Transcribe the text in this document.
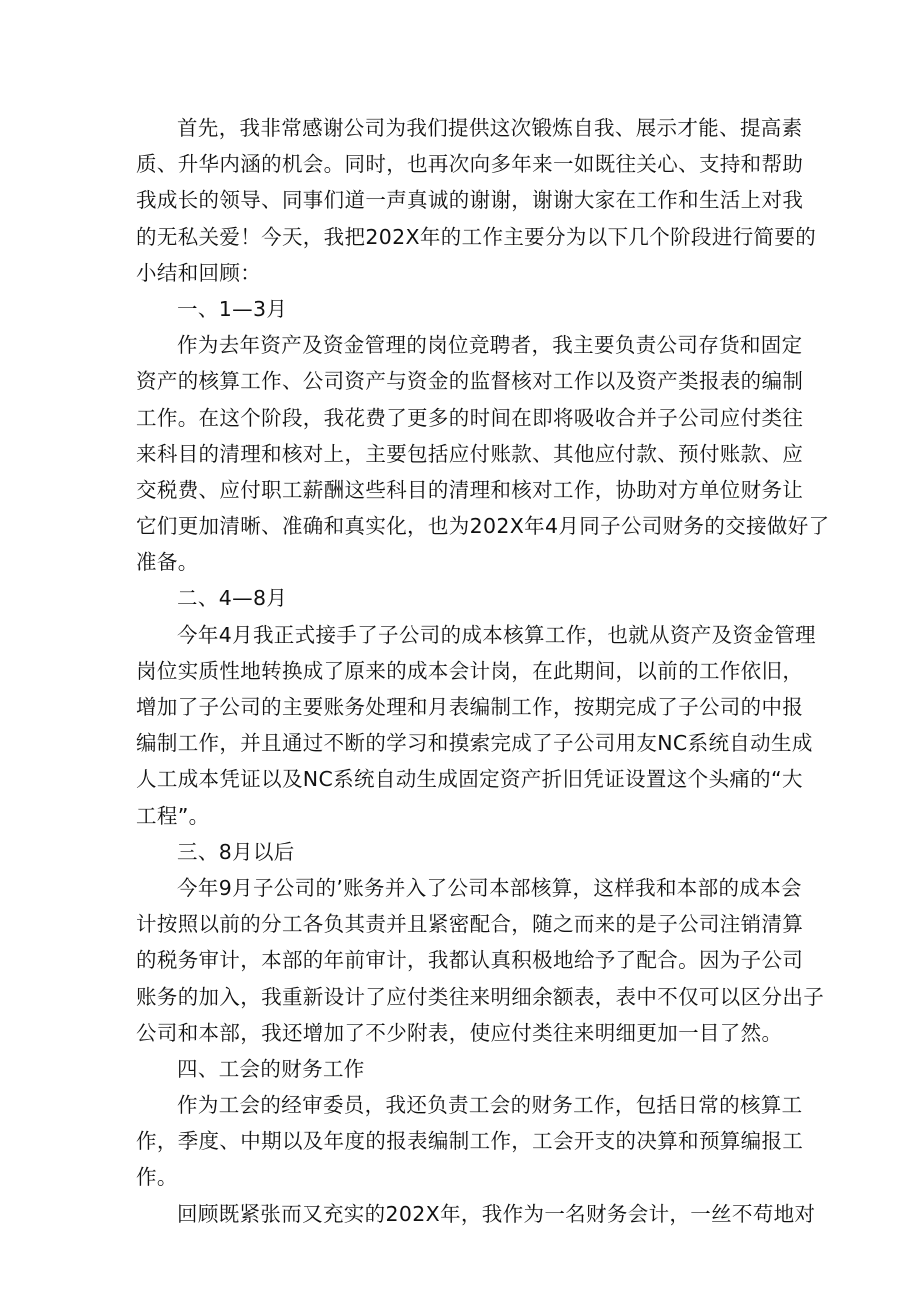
首先，我非常感谢公司为我们提供这次锻炼自我、展示才能、提高素
质、升华内涵的机会。同时，也再次向多年来一如既往关心、支持和帮助
我成长的领导、同事们道一声真诚的谢谢，谢谢大家在工作和生活上对我
的无私关爱！今天，我把202X年的工作主要分为以下几个阶段进行简要的
小结和回顾：
一、1—3月
作为去年资产及资金管理的岗位竞聘者，我主要负责公司存货和固定
资产的核算工作、公司资产与资金的监督核对工作以及资产类报表的编制
工作。在这个阶段，我花费了更多的时间在即将吸收合并子公司应付类往
来科目的清理和核对上，主要包括应付账款、其他应付款、预付账款、应
交税费、应付职工薪酬这些科目的清理和核对工作，协助对方单位财务让
它们更加清晰、准确和真实化，也为202X年4月同子公司财务的交接做好了
准备。
二、4—8月
今年4月我正式接手了子公司的成本核算工作，也就从资产及资金管理
岗位实质性地转换成了原来的成本会计岗，在此期间，以前的工作依旧，
增加了子公司的主要账务处理和月表编制工作，按期完成了子公司的中报
编制工作，并且通过不断的学习和摸索完成了子公司用友NC系统自动生成
人工成本凭证以及NC系统自动生成固定资产折旧凭证设置这个头痛的“大
工程”。
三、8月以后
今年9月子公司的’账务并入了公司本部核算，这样我和本部的成本会
计按照以前的分工各负其责并且紧密配合，随之而来的是子公司注销清算
的税务审计，本部的年前审计，我都认真积极地给予了配合。因为子公司
账务的加入，我重新设计了应付类往来明细余额表，表中不仅可以区分出子
公司和本部，我还增加了不少附表，使应付类往来明细更加一目了然。
四、工会的财务工作
作为工会的经审委员，我还负责工会的财务工作，包括日常的核算工
作，季度、中期以及年度的报表编制工作，工会开支的决算和预算编报工
作。
回顾既紧张而又充实的202X年，我作为一名财务会计，一丝不苟地对
